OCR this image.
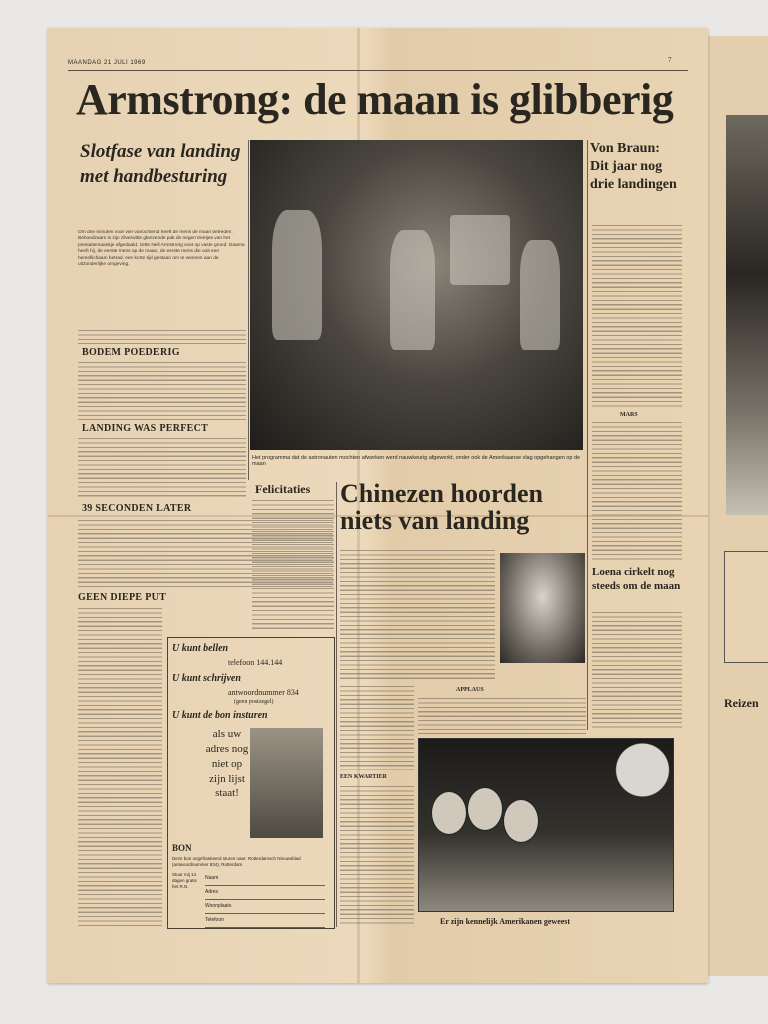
Reizen
MAANDAG 21 JULI 1969	7
Armstrong: de maan is glibberig
Slotfase van landing met handbesturing
Von Braun: Dit jaar nog drie landingen
Het programma dat de astronauten mochten afwerken werd nauwkeurig afgewerkt, onder ook de Amerikaanse vlag opgehangen op de maan
Om drie minuten voor vier vanochtend heeft de mens de maan betreden. Behoedzaam is zijn zilverwitte glanzende pak de negen treetjes van het prestatiemaankje afgedaald, zette Neil Armstrong voet op vaste grond. Daarna heeft hij, de eerste mens op de maan, de eerste mens die ooit een hemellichaam betrad, een korte tijd gestaan om te wennen aan de uitzonderlijke omgeving.
BODEM POEDERIG
LANDING WAS PERFECT
39 SECONDEN LATER
GEEN DIEPE PUT
MARS
Loena cirkelt nog steeds om de maan
Felicitaties Chinezen hoorden niets van landing
APPLAUS
EEN KWARTIER
Er zijn kennelijk Amerikanen geweest
U kunt bellen
telefoon 144.144
U kunt schrijven
antwoordnummer 834
(geen postzegel)
U kunt de bon insturen
als uw adres nog niet op zijn lijst staat!
BON
Deze bon ongefrankeerd sturen naar: Rotterdamsch Nieuwsblad (antwoordnummer 834), Rotterdam
Stuur mij 14 dagen gratis het R.N.
Naam
Adres
Woonplaats
Telefoon
